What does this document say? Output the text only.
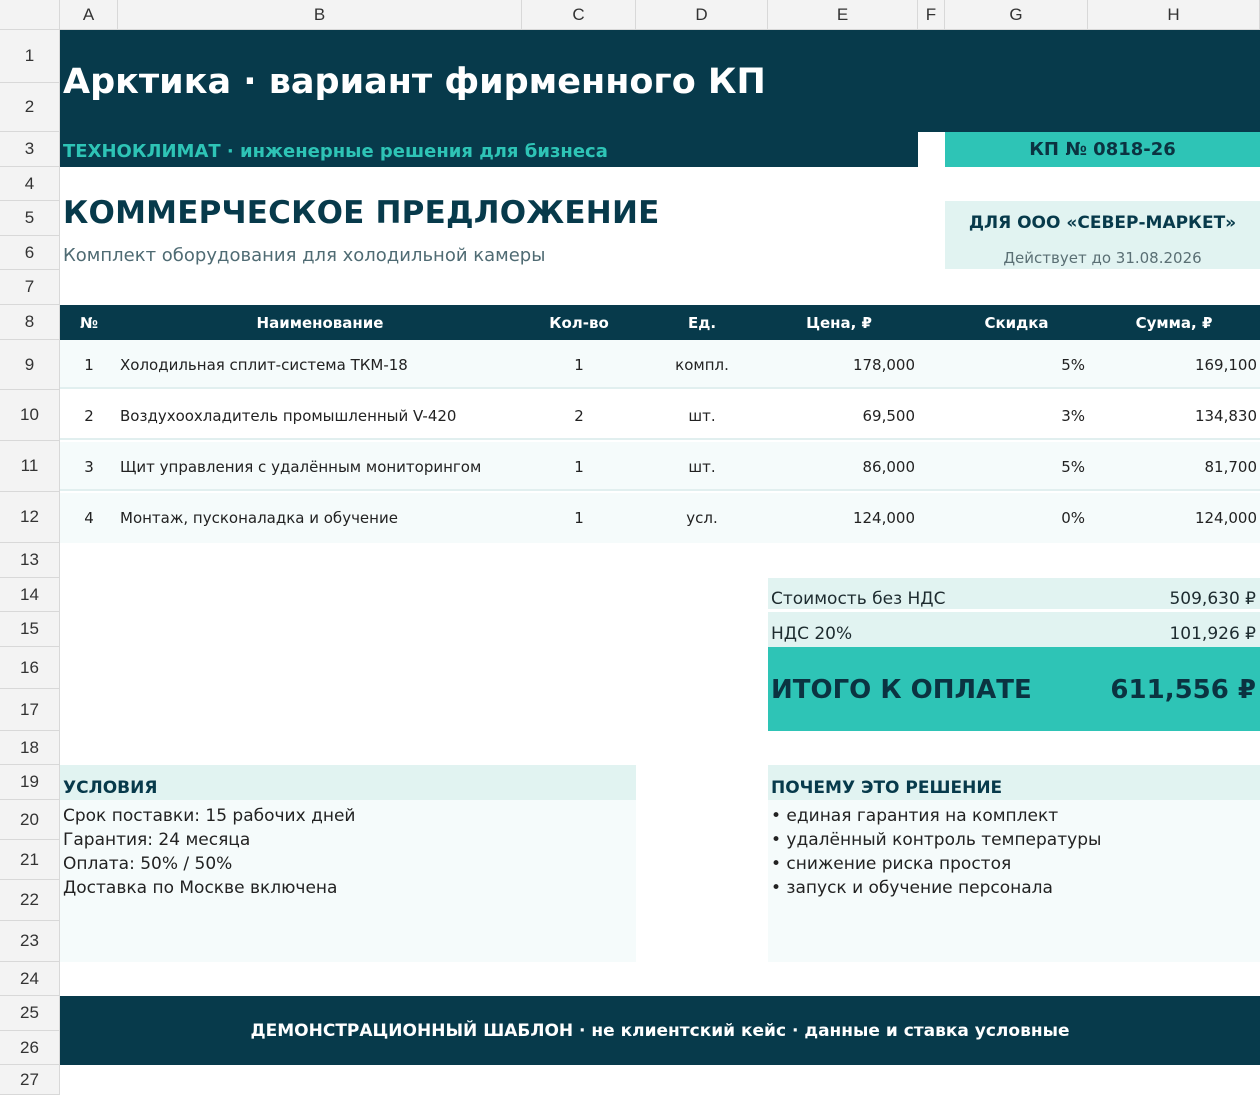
A	B	C	D	E	F	G	H
1
2
3
4
5
6
7
8
9
10
11
12
13
14
15
16
17
18
19
20
21
22
23
24
25
26
27
Арктика · вариант фирменного КП
ТЕХНОКЛИМАТ · инженерные решения для бизнеса	КП № 0818-26
КОММЕРЧЕСКОЕ ПРЕДЛОЖЕНИЕ
Комплект оборудования для холодильной камеры
ДЛЯ ООО «СЕВЕР-МАРКЕТ»
Действует до 31.08.2026
№	Наименование	Кол-во	Ед.	Цена, ₽	Скидка	Сумма, ₽
1	Холодильная сплит-система ТКМ-18	1	компл.	178,000	5%	169,100
2	Воздухоохладитель промышленный V-420	2	шт.	69,500	3%	134,830
3	Щит управления с удалённым мониторингом	1	шт.	86,000	5%	81,700
4	Монтаж, пусконаладка и обучение	1	усл.	124,000	0%	124,000
Стоимость без НДС	509,630 ₽
НДС 20%	101,926 ₽
ИТОГО К ОПЛАТЕ	611,556 ₽
УСЛОВИЯ
Срок поставки: 15 рабочих дней
Гарантия: 24 месяца
Оплата: 50% / 50%
Доставка по Москве включена
ПОЧЕМУ ЭТО РЕШЕНИЕ
• единая гарантия на комплект
• удалённый контроль температуры
• снижение риска простоя
• запуск и обучение персонала
ДЕМОНСТРАЦИОННЫЙ ШАБЛОН · не клиентский кейс · данные и ставка условные
